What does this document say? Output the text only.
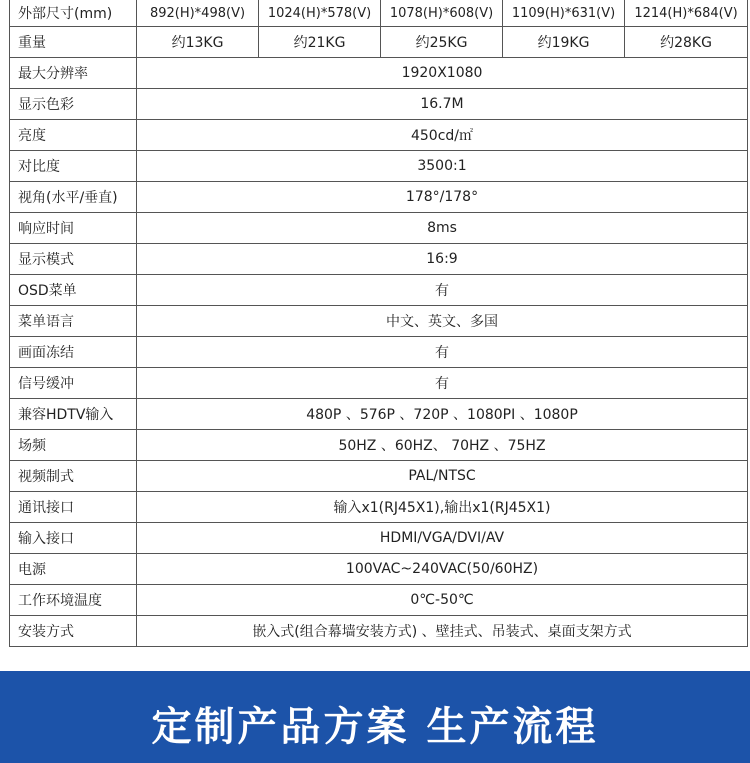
外部尺寸(mm)	892(H)*498(V)	1024(H)*578(V)	1078(H)*608(V)	1109(H)*631(V)	1214(H)*684(V)
重量	约13KG	约21KG	约25KG	约19KG	约28KG
最大分辨率	1920X1080				
显示色彩	16.7M				
亮度	450cd/㎡				
对比度	3500:1				
视角(水平/垂直)	178°/178°				
响应时间	8ms				
显示模式	16:9				
OSD菜单	有				
菜单语言	中文、英文、多国				
画面冻结	有				
信号缓冲	有				
兼容HDTV输入	480P 、576P 、720P 、1080PI 、1080P				
场频	50HZ 、60HZ、 70HZ 、75HZ				
视频制式	PAL/NTSC				
通讯接口	输入x1(RJ45X1),输出x1(RJ45X1)				
输入接口	HDMI/VGA/DVI/AV				
电源	100VAC~240VAC(50/60HZ)				
工作环境温度	0℃-50℃				
安装方式	嵌入式(组合幕墙安装方式) 、壁挂式、吊装式、桌面支架方式				
定制产品方案 生产流程
